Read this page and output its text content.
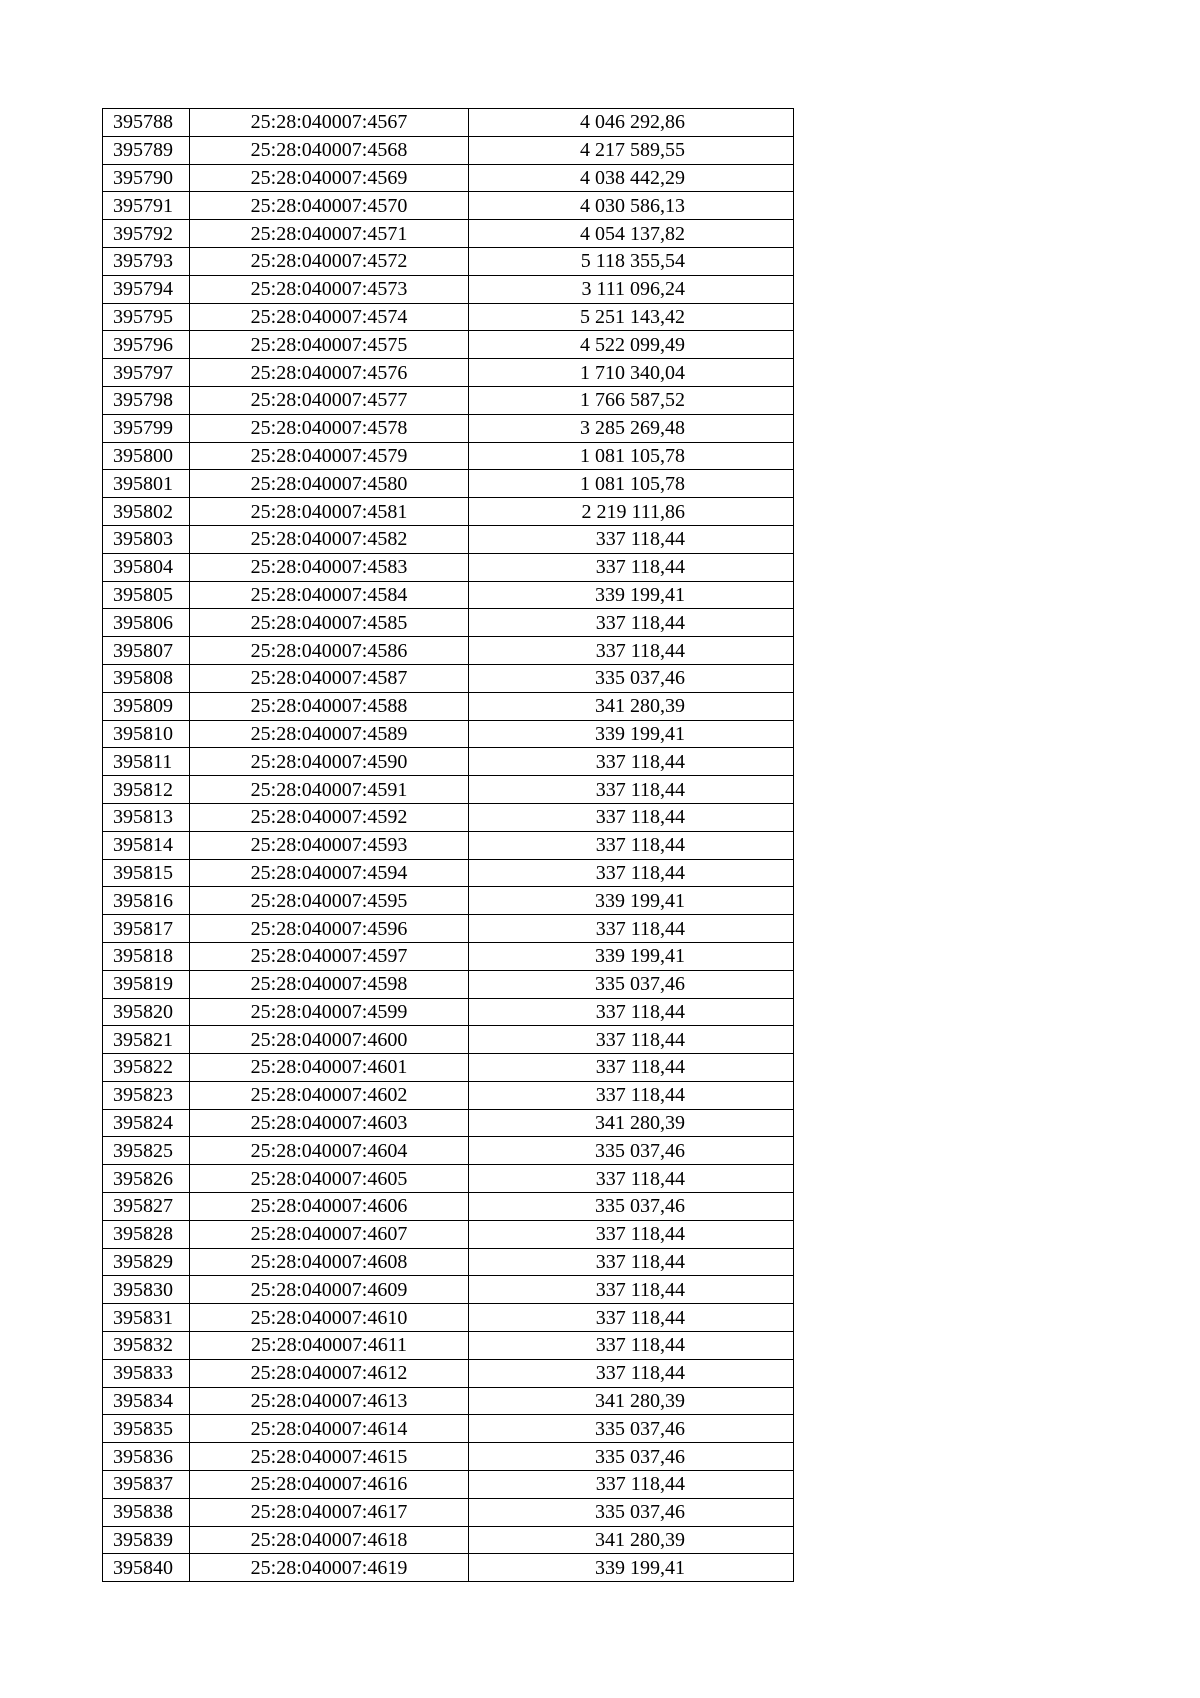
395788	25:28:040007:4567	4 046 292,86
395789	25:28:040007:4568	4 217 589,55
395790	25:28:040007:4569	4 038 442,29
395791	25:28:040007:4570	4 030 586,13
395792	25:28:040007:4571	4 054 137,82
395793	25:28:040007:4572	5 118 355,54
395794	25:28:040007:4573	3 111 096,24
395795	25:28:040007:4574	5 251 143,42
395796	25:28:040007:4575	4 522 099,49
395797	25:28:040007:4576	1 710 340,04
395798	25:28:040007:4577	1 766 587,52
395799	25:28:040007:4578	3 285 269,48
395800	25:28:040007:4579	1 081 105,78
395801	25:28:040007:4580	1 081 105,78
395802	25:28:040007:4581	2 219 111,86
395803	25:28:040007:4582	337 118,44
395804	25:28:040007:4583	337 118,44
395805	25:28:040007:4584	339 199,41
395806	25:28:040007:4585	337 118,44
395807	25:28:040007:4586	337 118,44
395808	25:28:040007:4587	335 037,46
395809	25:28:040007:4588	341 280,39
395810	25:28:040007:4589	339 199,41
395811	25:28:040007:4590	337 118,44
395812	25:28:040007:4591	337 118,44
395813	25:28:040007:4592	337 118,44
395814	25:28:040007:4593	337 118,44
395815	25:28:040007:4594	337 118,44
395816	25:28:040007:4595	339 199,41
395817	25:28:040007:4596	337 118,44
395818	25:28:040007:4597	339 199,41
395819	25:28:040007:4598	335 037,46
395820	25:28:040007:4599	337 118,44
395821	25:28:040007:4600	337 118,44
395822	25:28:040007:4601	337 118,44
395823	25:28:040007:4602	337 118,44
395824	25:28:040007:4603	341 280,39
395825	25:28:040007:4604	335 037,46
395826	25:28:040007:4605	337 118,44
395827	25:28:040007:4606	335 037,46
395828	25:28:040007:4607	337 118,44
395829	25:28:040007:4608	337 118,44
395830	25:28:040007:4609	337 118,44
395831	25:28:040007:4610	337 118,44
395832	25:28:040007:4611	337 118,44
395833	25:28:040007:4612	337 118,44
395834	25:28:040007:4613	341 280,39
395835	25:28:040007:4614	335 037,46
395836	25:28:040007:4615	335 037,46
395837	25:28:040007:4616	337 118,44
395838	25:28:040007:4617	335 037,46
395839	25:28:040007:4618	341 280,39
395840	25:28:040007:4619	339 199,41
